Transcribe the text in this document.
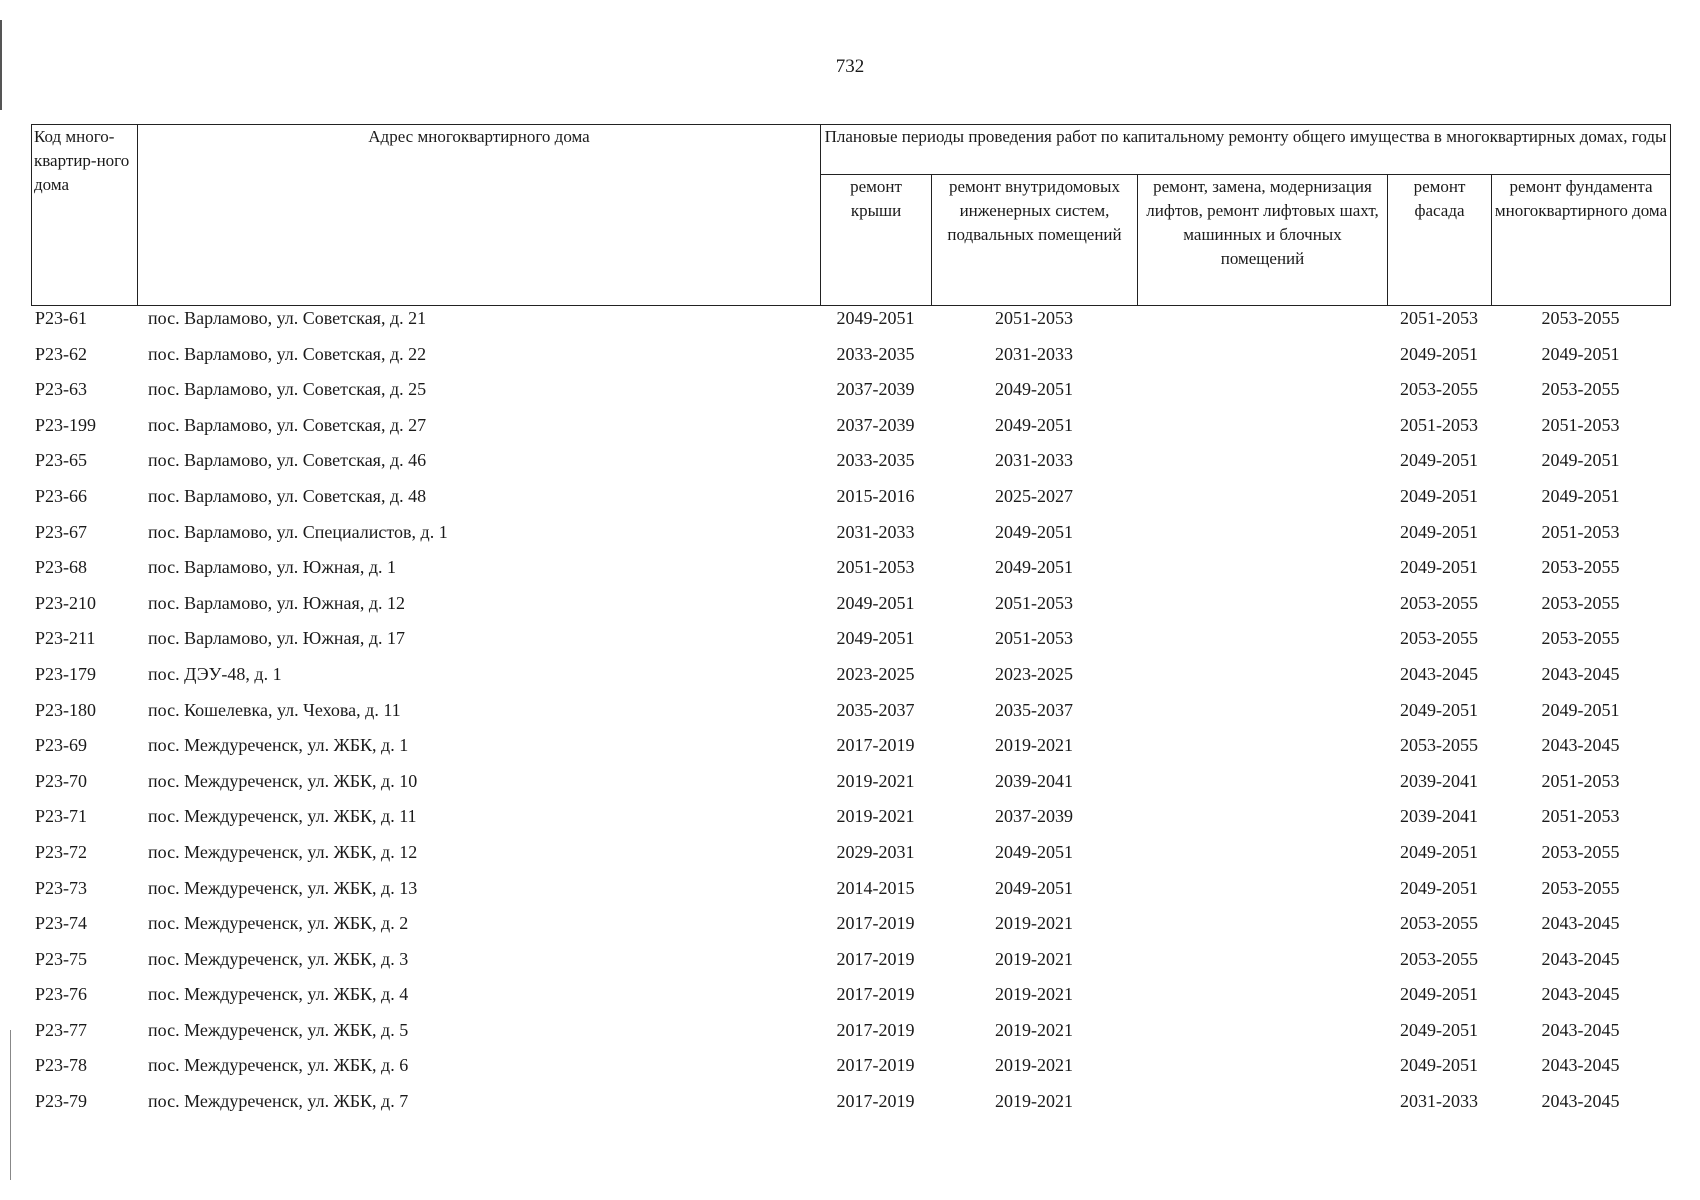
732
Код много-квартир-ного дома	Адрес многоквартирного дома	Плановые периоды проведения работ по капитальному ремонту общего имущества в многоквартирных домах, годы				
		ремонт крыши	ремонт внутридомовых инженерных систем, подвальных помещений	ремонт, замена, модернизация лифтов, ремонт лифтовых шахт, машинных и блочных помещений	ремонт фасада	ремонт фундамента многоквартирного дома
P23-61	пос. Варламово, ул. Советская, д. 21	2049-2051	2051-2053		2051-2053	2053-2055
P23-62	пос. Варламово, ул. Советская, д. 22	2033-2035	2031-2033		2049-2051	2049-2051
P23-63	пос. Варламово, ул. Советская, д. 25	2037-2039	2049-2051		2053-2055	2053-2055
P23-199	пос. Варламово, ул. Советская, д. 27	2037-2039	2049-2051		2051-2053	2051-2053
P23-65	пос. Варламово, ул. Советская, д. 46	2033-2035	2031-2033		2049-2051	2049-2051
P23-66	пос. Варламово, ул. Советская, д. 48	2015-2016	2025-2027		2049-2051	2049-2051
P23-67	пос. Варламово, ул. Специалистов, д. 1	2031-2033	2049-2051		2049-2051	2051-2053
P23-68	пос. Варламово, ул. Южная, д. 1	2051-2053	2049-2051		2049-2051	2053-2055
P23-210	пос. Варламово, ул. Южная, д. 12	2049-2051	2051-2053		2053-2055	2053-2055
P23-211	пос. Варламово, ул. Южная, д. 17	2049-2051	2051-2053		2053-2055	2053-2055
P23-179	пос. ДЭУ-48, д. 1	2023-2025	2023-2025		2043-2045	2043-2045
P23-180	пос. Кошелевка, ул. Чехова, д. 11	2035-2037	2035-2037		2049-2051	2049-2051
P23-69	пос. Междуреченск, ул. ЖБК, д. 1	2017-2019	2019-2021		2053-2055	2043-2045
P23-70	пос. Междуреченск, ул. ЖБК, д. 10	2019-2021	2039-2041		2039-2041	2051-2053
P23-71	пос. Междуреченск, ул. ЖБК, д. 11	2019-2021	2037-2039		2039-2041	2051-2053
P23-72	пос. Междуреченск, ул. ЖБК, д. 12	2029-2031	2049-2051		2049-2051	2053-2055
P23-73	пос. Междуреченск, ул. ЖБК, д. 13	2014-2015	2049-2051		2049-2051	2053-2055
P23-74	пос. Междуреченск, ул. ЖБК, д. 2	2017-2019	2019-2021		2053-2055	2043-2045
P23-75	пос. Междуреченск, ул. ЖБК, д. 3	2017-2019	2019-2021		2053-2055	2043-2045
P23-76	пос. Междуреченск, ул. ЖБК, д. 4	2017-2019	2019-2021		2049-2051	2043-2045
P23-77	пос. Междуреченск, ул. ЖБК, д. 5	2017-2019	2019-2021		2049-2051	2043-2045
P23-78	пос. Междуреченск, ул. ЖБК, д. 6	2017-2019	2019-2021		2049-2051	2043-2045
P23-79	пос. Междуреченск, ул. ЖБК, д. 7	2017-2019	2019-2021		2031-2033	2043-2045
